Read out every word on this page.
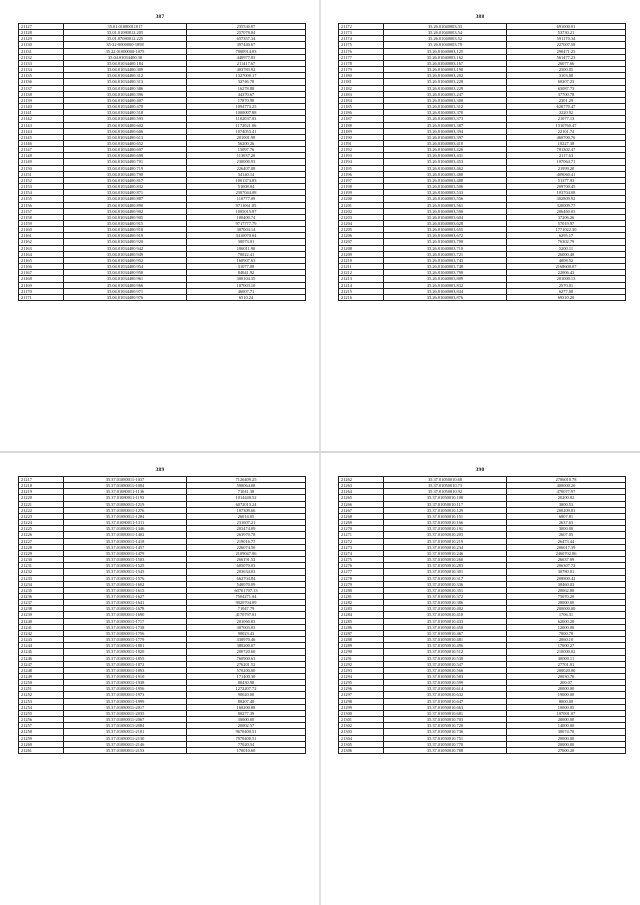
387
21127	35.01.01080011017	235530.87
21128	35.01.01080012.205	257078.84
21129	35.01.07080012.225	657357.34
21130	35-22-0000000-1098	397440.67
21131	35.22.01000000-1075	7800914.83
21132	35.04.01034400.38	440977.83
21133	35.04.01034400.184	211417.67
21134	35.04.01034400.309	403783.92
21135	35.04.01034400.312	1327000.17
21136	35.04.01034400.313	32746.78
21137	35.04.01034400.386	16278.88
21138	35.04.01034400.396	44370.67
21139	35.04.01034400.407	17870.98
21140	35.04.01034400.478	1094773.25
21141	35.04.01034400.518	1000007.88
21142	35.04.01034400.593	1102037.83
21143	35.04.01034400.602	1172021.06
21144	35.04.01034400.606	1074053.41
21145	35.04.01034400.613	201001.98
21146	35.04.01034400.652	56200.26
21147	35.04.01034400.697	15097.76
21148	35.04.01034400.698	113037.20
21149	35.04.01034400.701	230000.93
21150	35.04.01034400.719	226407.08
21151	35.04.01034400.790	34140.14
21152	35.04.01034400.817	1001373.83
21153	35.04.01034400.832	51008.04
21154	35.04.01034400.871	2307044.08
21155	35.04.01034400.887	110777.09
21156	35.04.01034400.890	9711061.85
21157	35.04.01034400.902	1005015.87
21158	35.04.01034400.905	100400.74
21159	35.04.01034400.915	9717777.79
21160	35.04.01034400.918	307004.14
21161	35.04.01034400.919	3410070.04
21162	35.04.01034400.920	30073.01
21163	35.04.01034400.942	106011.90
21164	35.04.01034400.949	78022.41
21165	35.04.01034400.952	160907.63
21166	35.04.01034400.954	31077.08
21167	35.04.01034400.958	84041.92
21168	35.04.01034400.961	300104.35
21169	35.04.01034400.966	187003.10
21170	35.04.01034400.971	46007.71
21171	35.04.01034400.976	6510.24
388
21172	35.26.01040003.33	691000.01
21173	35.26.01040003.54	53730.21
21174	35.26.01040003.52	591170.34
21175	35.26.01040003.79	227007.58
21176	35.26.01040003.125	290471.25
21177	35.26.01040003.162	561477.23
21178	35.26.01040003.167	26077.66
21179	35.26.01040003.190	2500.05
21180	35.26.01040003.202	3103.08
21181	35.26.01040003.228	60207.23
21182	35.26.01040003.229	65087.73
21183	35.26.01040003.247	37700.78
21184	35.26.01040003.300	2301.29
21185	35.26.01040003.312	620770.47
21186	35.26.01040003.370	3220.92
21187	35.26.01040003.373	21077.13
21188	35.26.01040003.387	1310760.47
21189	35.26.01040003.394	22101.74
21190	35.26.01040003.397	460700.76
21191	35.26.01040003.410	10227.38
21192	35.26.01040003.426	781302.47
21193	35.26.01040003.431	2117.63
21194	35.26.01040003.453	107064.71
21195	35.26.01040003.462	21999.20
21196	35.26.01040003.480	409060.41
21197	35.26.01040003.488	51377.93
21198	35.26.01040003.506	209700.45
21199	35.26.01040003.533	103704.08
21200	35.26.01040003.556	302809.92
21201	35.26.01040003.561	320009.77
21202	35.26.01040003.590	206460.03
21203	35.26.01040003.604	37206.26
21204	35.26.01040003.628	57019.97
21205	35.26.01040003.655	1771022.30
21206	35.26.01040003.672	6295.17
21207	35.26.01040003.700	76302.79
21208	35.26.01040003.710	5200.11
21209	35.26.01040003.721	26000.40
21210	35.26.01040003.743	4008.52
21211	35.26.01040003.748	2168600.07
21212	35.26.01040003.790	22006.43
21213	35.26.01040003.809	201000.13
21214	35.26.01040003.832	2570.01
21215	35.26.01040003.844	6277.08
21216	35.26.01040003.876	69310.20
389
21217	35.37.01080011-1037	7126409.25
21218	35.37.01080011-1084	590064.08
21219	35.37.01080011-1136	71041.38
21220	35.37.01080011-1193	1014440.52
21221	35.37.01080011-1219	6072013.24
21222	35.37.01080011-1276	107309.66
21223	35.37.01080011-1284	26014.05
21224	35.37.01080011-1311	231607.21
21225	35.37.01080011-1346	203474.09
21226	35.37.01080011-1402	263970.78
21227	35.37.01080011-1418	219016.77
21228	35.37.01080011-1457	226074.50
21229	35.37.01080011-1479	2109047.06
21230	35.37.01080011-1503	266191.52
21231	35.37.01080011-1525	605070.03
21232	35.37.01080011-1543	203634.03
21233	35.37.01080011-1576	662704.84
21234	35.37.01080011-1602	540070.09
21235	35.37.01080011-1615	60701707.13
21236	35.37.01080011-1627	7504271.04
21237	35.37.01080011-1641	9020704.09
21238	35.37.01080011-1678	71047.79
21239	35.37.01080011-1690	4170797.01
21240	35.37.01080011-1717	201060.83
21241	35.37.01080011-1738	307003.03
21242	35.37.01080011-1756	90023.43
21243	35.37.01080011-1779	330970.46
21244	35.37.01080011-1801	380200.07
21245	35.37.01080011-1820	200720.60
21246	35.37.01080011-1855	760900.63
21247	35.37.01080011-1872	276201.52
21248	35.37.01080011-1893	570200.00
21249	35.37.01080011-1910	171400.30
21250	35.37.01080011-1938	80430.98
21251	35.37.01080011-1956	1272207.72
21252	35.37.01080011-1973	90020.00
21253	35.37.01080011-1999	80207.40
21254	35.37.01080011-2017	160200.88
21255	35.37.01080011-2035	80277.39
21256	35.37.01080011-2067	30000.00
21257	35.37.01080011-2084	20002.57
21258	35.37.01080011-2101	9670400.51
21259	35.37.01080011-2130	7970400.51
21260	35.37.01080011-2146	77020.54
21261	35.37.01080011-2153	170010.60
390
21262	35.37.01050010.68	2706010.78
21263	35.37.01050010.73	400000.20
21264	35.37.01050010.92	470077.97
21265	35.37.01050010.108	20200.02
21266	35.37.01050010.117	3000.53
21267	35.37.01050010.129	200209.81
21268	35.37.01050010.151	6807.81
21269	35.37.01050010.166	2637.63
21270	35.37.01050010.191	3000.00
21271	35.37.01050010.203	2607.05
21272	35.37.01050010.219	26473.44
21273	35.37.01050010.234	206017.39
21274	35.37.01050010.246	2460702.86
21275	35.37.01050010.260	26637.99
21276	35.37.01050010.283	206307.72
21277	35.37.01050010.301	30780.01
21278	35.37.01050010.317	208800.42
21279	35.37.01050010.336	30460.03
21280	35.37.01050010.351	20062.80
21281	35.37.01050010.372	75070.20
21282	35.37.01050010.386	28000.00
21283	35.37.01050010.402	200000.00
21284	35.37.01050010.418	1706.31
21285	35.37.01050010.433	62000.20
21286	35.37.01050010.450	12000.00
21287	35.37.01050010.467	7000.78
21288	35.37.01050010.481	2060.10
21289	35.37.01050010.496	17000.27
21290	35.37.01050010.512	210000.02
21291	35.37.01050010.530	30000.11
21292	35.37.01050010.547	27701.01
21293	35.37.01050010.566	200020.00
21294	35.37.01050010.583	20030.70
21295	35.37.01050010.599	200.07
21296	35.37.01050010.614	20000.00
21297	35.37.01050010.632	19000.00
21298	35.37.01050010.647	8000.00
21299	35.37.01050010.663	10000.05
21300	35.37.01050010.681	107001.07
21301	35.37.01050010.703	20000.00
21302	35.37.01050010.720	14000.00
21303	35.37.01050010.736	30074.70
21304	35.37.01050010.751	20000.00
21305	35.37.01050010.770	20000.00
21306	35.37.01050010.788	27000.20
